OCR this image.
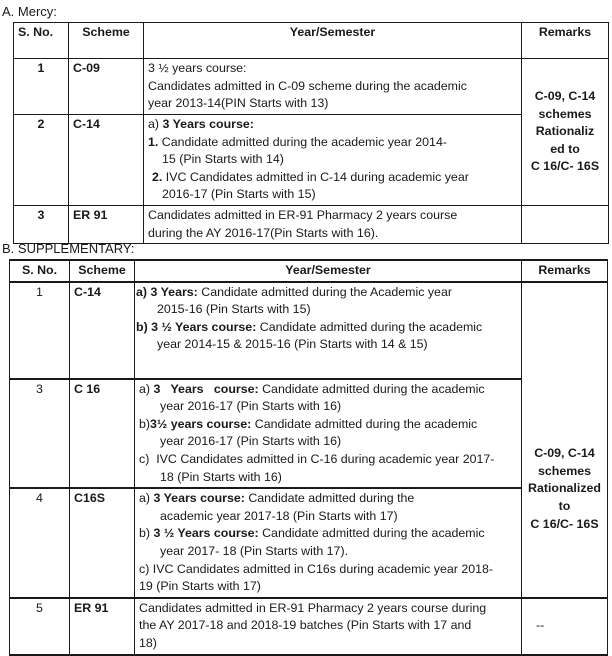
A. Mercy:
S. No.	Scheme	Year/Semester	Remarks
1	C-09	3 ½ years course:
Candidates admitted in C-09 scheme during the academic
year 2013-14(PIN Starts with 13)	C-09, C-14
schemes
Rationaliz
ed to
C 16/C- 16S

2	C-14	a) 3 Years course:
1. Candidate admitted during the academic year 2014-
15 (Pin Starts with 14)
2. IVC Candidates admitted in C-14 during academic year
2016-17 (Pin Starts with 15)	

3	ER 91	Candidates admitted in ER-91 Pharmacy 2 years course
during the AY 2016-17(Pin Starts with 16).	

B. SUPPLEMENTARY:
S. No.	Scheme	Year/Semester	Remarks
1	C-14	a) 3 Years: Candidate admitted during the Academic year
2015-16 (Pin Starts with 15)
b) 3 ½ Years course: Candidate admitted during the academic
year 2014-15 & 2015-16 (Pin Starts with 14 & 15)	C-09, C-14
schemes
Rationalized
to
C 16/C- 16S

3	C 16	a) 3   Years   course: Candidate admitted during the academic
year 2016-17 (Pin Starts with 16)
b)3½ years course: Candidate admitted during the academic
year 2016-17 (Pin Starts with 16)
c) IVC Candidates admitted in C-16 during academic year 2017-
18 (Pin Starts with 16)

4	C16S	a) 3 Years course: Candidate admitted during the
academic year 2017-18 (Pin Starts with 17)
b) 3 ½ Years course: Candidate admitted during the academic
year 2017- 18 (Pin Starts with 17).
c) IVC Candidates admitted in C16s during academic year 2018-
19 (Pin Starts with 17)

5	ER 91	Candidates admitted in ER-91 Pharmacy 2 years course during
the AY 2017-18 and 2018-19 batches (Pin Starts with 17 and
18)	--
